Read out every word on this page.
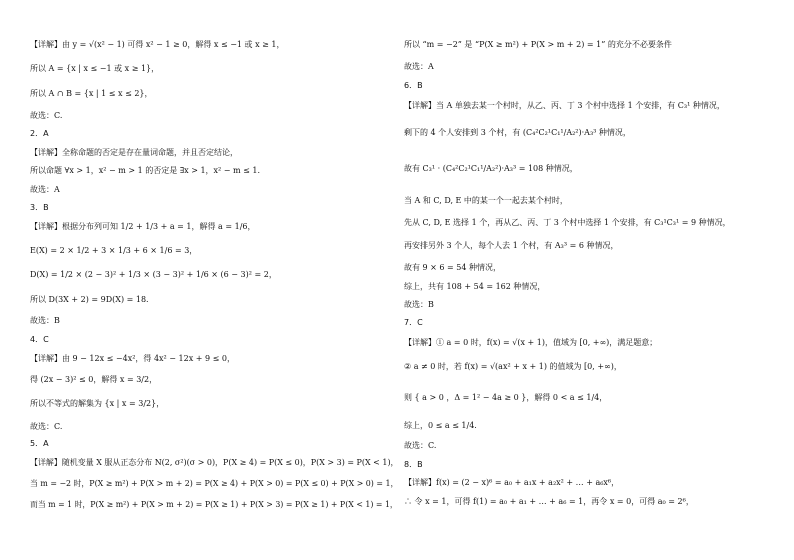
【详解】由 y = √(x² − 1) 可得 x² − 1 ≥ 0，解得 x ≤ −1 或 x ≥ 1，
所以 A = {x | x ≤ −1 或 x ≥ 1}，
所以 A ∩ B = {x | 1 ≤ x ≤ 2}，
故选：C.
2．A
【详解】全称命题的否定是存在量词命题，并且否定结论，
所以命题 ∀x > 1，x² − m > 1 的否定是 ∃x > 1，x² − m ≤ 1.
故选：A
3．B
【详解】根据分布列可知 1/2 + 1/3 + a = 1，解得 a = 1/6，
E(X) = 2 × 1/2 + 3 × 1/3 + 6 × 1/6 = 3，
D(X) = 1/2 × (2 − 3)² + 1/3 × (3 − 3)² + 1/6 × (6 − 3)² = 2，
所以 D(3X + 2) = 9D(X) = 18.
故选：B
4．C
【详解】由 9 − 12x ≤ −4x²，得 4x² − 12x + 9 ≤ 0，
得 (2x − 3)² ≤ 0，解得 x = 3/2，
所以不等式的解集为 {x | x = 3/2}，
故选：C.
5．A
【详解】随机变量 X 服从正态分布 N(2, σ²)(σ > 0)，P(X ≥ 4) = P(X ≤ 0)，P(X > 3) = P(X < 1)，
当 m = −2 时，P(X ≥ m²) + P(X > m + 2) = P(X ≥ 4) + P(X > 0) = P(X ≤ 0) + P(X > 0) = 1，
而当 m = 1 时，P(X ≥ m²) + P(X > m + 2) = P(X ≥ 1) + P(X > 3) = P(X ≥ 1) + P(X < 1) = 1，
所以 “m = −2” 是 “P(X ≥ m²) + P(X > m + 2) = 1” 的充分不必要条件
故选：A
6．B
【详解】当 A 单独去某一个村时，从乙、丙、丁 3 个村中选择 1 个安排，有 C₃¹ 种情况，
剩下的 4 个人安排到 3 个村，有 (C₄²C₂¹C₁¹/A₂²)·A₃³ 种情况，
故有 C₃¹ · (C₄²C₂¹C₁¹/A₂²)·A₃³ = 108 种情况，
当 A 和 C, D, E 中的某一个一起去某个村时，
先从 C, D, E 选择 1 个，再从乙、丙、丁 3 个村中选择 1 个安排，有 C₃¹C₃¹ = 9 种情况，
再安排另外 3 个人，每个人去 1 个村，有 A₃³ = 6 种情况，
故有 9 × 6 = 54 种情况，
综上，共有 108 + 54 = 162 种情况，
故选：B
7．C
【详解】① a = 0 时，f(x) = √(x + 1)，值域为 [0, +∞)，满足题意；
② a ≠ 0 时，若 f(x) = √(ax² + x + 1) 的值域为 [0, +∞)，
则 { a > 0 ，Δ = 1² − 4a ≥ 0 }，解得 0 < a ≤ 1/4，
综上，0 ≤ a ≤ 1/4.
故选：C.
8．B
【详解】f(x) = (2 − x)⁶ = a₀ + a₁x + a₂x² + … + a₆x⁶，
∴ 令 x = 1，可得 f(1) = a₀ + a₁ + … + a₆ = 1，再令 x = 0，可得 a₀ = 2⁶，
